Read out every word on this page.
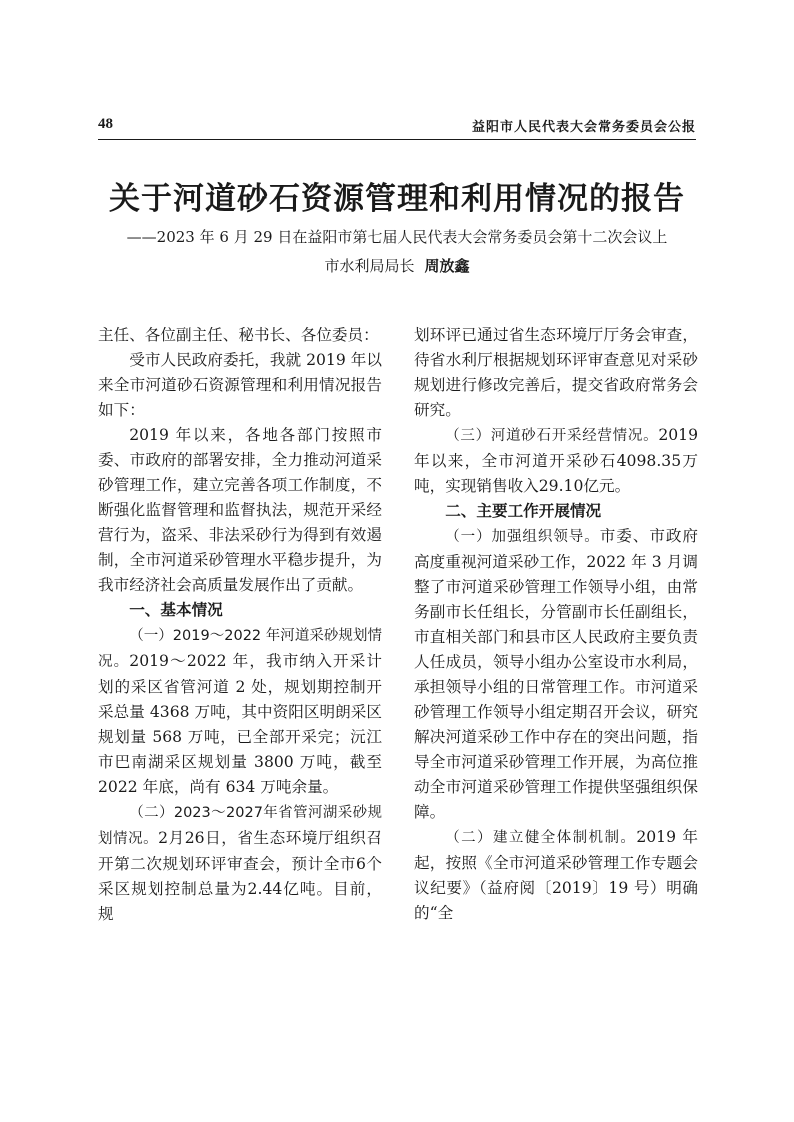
48	益阳市人民代表大会常务委员会公报
关于河道砂石资源管理和利用情况的报告
——2023 年 6 月 29 日在益阳市第七届人民代表大会常务委员会第十二次会议上
市水利局局长 周放鑫

主任、各位副主任、秘书长、各位委员：

受市人民政府委托，我就 2019 年以来全市河道砂石资源管理和利用情况报告如下：

2019 年以来，各地各部门按照市委、市政府的部署安排，全力推动河道采砂管理工作，建立完善各项工作制度，不断强化监督管理和监督执法，规范开采经营行为，盗采、非法采砂行为得到有效遏制，全市河道采砂管理水平稳步提升，为我市经济社会高质量发展作出了贡献。

一、基本情况

（一）2019～2022 年河道采砂规划情况。2019～2022 年，我市纳入开采计划的采区省管河道 2 处，规划期控制开采总量 4368 万吨，其中资阳区明朗采区规划量 568 万吨，已全部开采完；沅江市巴南湖采区规划量 3800 万吨，截至 2022 年底，尚有 634 万吨余量。

（二）2023～2027年省管河湖采砂规划情况。2月26日，省生态环境厅组织召开第二次规划环评审查会，预计全市6个采区规划控制总量为2.44亿吨。目前，规

划环评已通过省生态环境厅厅务会审查，待省水利厅根据规划环评审查意见对采砂规划进行修改完善后，提交省政府常务会研究。

（三）河道砂石开采经营情况。2019 年以来，全市河道开采砂石4098.35万吨，实现销售收入29.10亿元。

二、主要工作开展情况

（一）加强组织领导。市委、市政府高度重视河道采砂工作，2022 年 3 月调整了市河道采砂管理工作领导小组，由常务副市长任组长，分管副市长任副组长，市直相关部门和县市区人民政府主要负责人任成员，领导小组办公室设市水利局，承担领导小组的日常管理工作。市河道采砂管理工作领导小组定期召开会议，研究解决河道采砂工作中存在的突出问题，指导全市河道采砂管理工作开展，为高位推动全市河道采砂管理工作提供坚强组织保障。

（二）建立健全体制机制。2019 年起，按照《全市河道采砂管理工作专题会议纪要》（益府阅〔2019〕19 号）明确的“全
